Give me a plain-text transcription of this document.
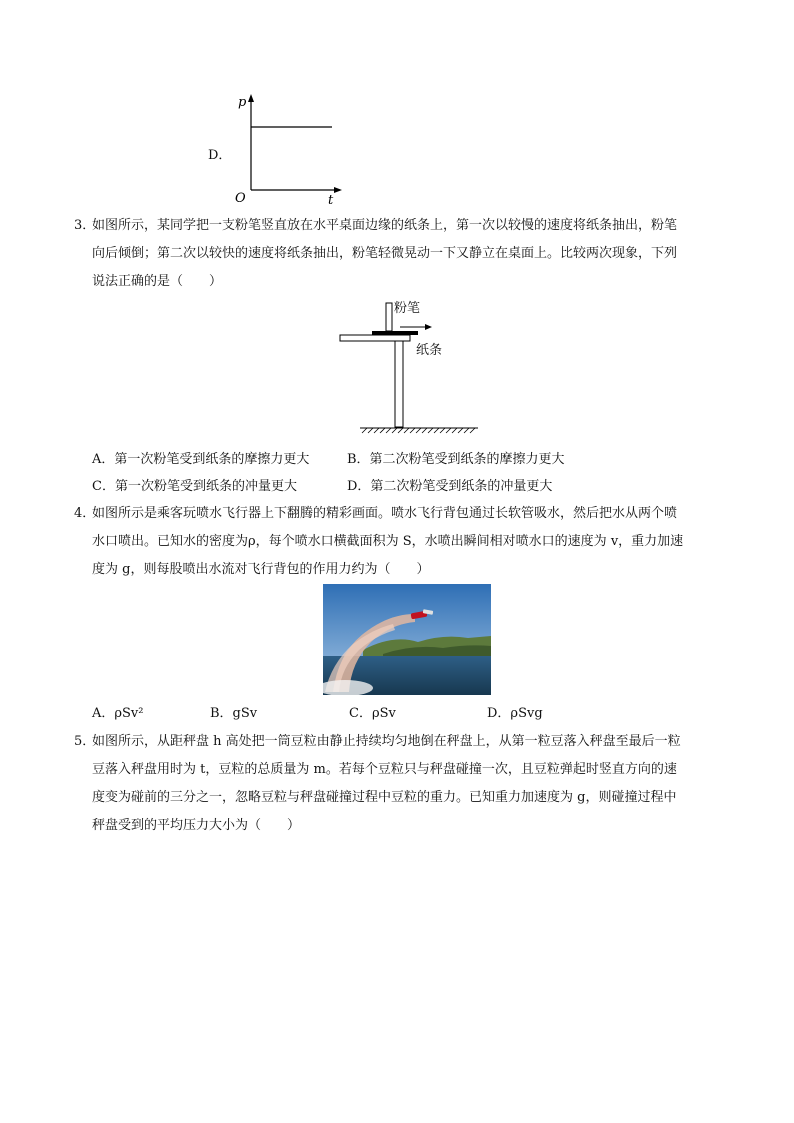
D．
p
t
O
3．
如图所示，某同学把一支粉笔竖直放在水平桌面边缘的纸条上，第一次以较慢的速度将纸条抽出，粉笔
向后倾倒；第二次以较快的速度将纸条抽出，粉笔轻微晃动一下又静立在桌面上。比较两次现象，下列
说法正确的是（　　）
粉笔
纸条
A．第一次粉笔受到纸条的摩擦力更大	B．第二次粉笔受到纸条的摩擦力更大
C．第一次粉笔受到纸条的冲量更大	D．第二次粉笔受到纸条的冲量更大
4．
如图所示是乘客玩喷水飞行器上下翻腾的精彩画面。喷水飞行背包通过长软管吸水，然后把水从两个喷
水口喷出。已知水的密度为ρ，每个喷水口横截面积为 S，水喷出瞬间相对喷水口的速度为 v，重力加速
度为 g，则每股喷出水流对飞行背包的作用力约为（　　）
A．ρSv²	B．gSv	C．ρSv	D．ρSvg
5．
如图所示，从距秤盘 h 高处把一筒豆粒由静止持续均匀地倒在秤盘上，从第一粒豆落入秤盘至最后一粒
豆落入秤盘用时为 t，豆粒的总质量为 m。若每个豆粒只与秤盘碰撞一次，且豆粒弹起时竖直方向的速
度变为碰前的三分之一，忽略豆粒与秤盘碰撞过程中豆粒的重力。已知重力加速度为 g，则碰撞过程中
秤盘受到的平均压力大小为（　　）
